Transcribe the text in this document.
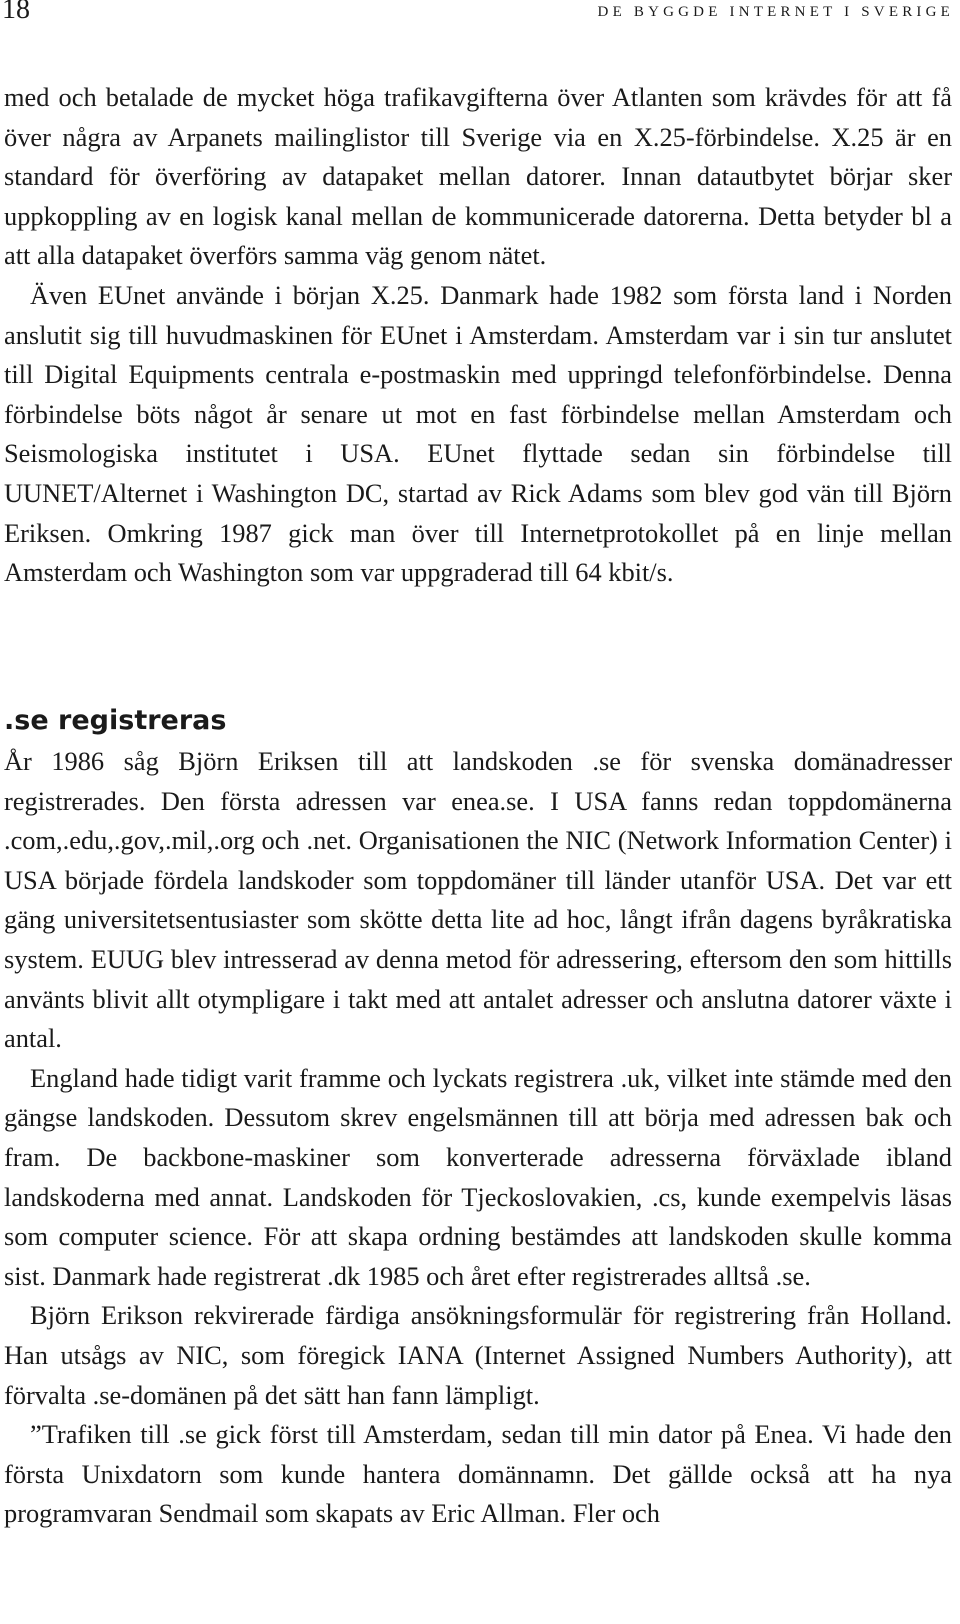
18	DE BYGGDE INTERNET I SVERIGE

med och betalade de mycket höga trafikavgifterna över Atlanten som krävdes för att få över några av Arpanets mailinglistor till Sverige via en X.25-förbindelse. X.25 är en standard för överföring av datapaket mellan datorer. Innan datautbytet börjar sker uppkoppling av en logisk kanal mellan de kommunicerade datorerna. Detta betyder bl a att alla datapaket överförs samma väg genom nätet.

Även EUnet använde i början X.25. Danmark hade 1982 som första land i Norden anslutit sig till huvudmaskinen för EUnet i Amsterdam. Amsterdam var i sin tur anslutet till Digital Equipments centrala e-postmaskin med uppringd telefonförbindelse. Denna förbindelse böts något år senare ut mot en fast förbindelse mellan Amsterdam och Seismologiska institutet i USA. EUnet flyttade sedan sin förbindelse till UUNET/Alternet i Washington DC, startad av Rick Adams som blev god vän till Björn Eriksen. Omkring 1987 gick man över till Internetprotokollet på en linje mellan Amsterdam och Washington som var uppgraderad till 64 kbit/s.

.se registreras

År 1986 såg Björn Eriksen till att landskoden .se för svenska domänadresser registrerades. Den första adressen var enea.se. I USA fanns redan toppdomänerna .com,.edu,.gov,.mil,.org och .net. Organisationen the NIC (Network Information Center) i USA började fördela landskoder som toppdomäner till länder utanför USA. Det var ett gäng universitetsentusiaster som skötte detta lite ad hoc, långt ifrån dagens byråkratiska system. EUUG blev intresserad av denna metod för adressering, eftersom den som hittills använts blivit allt otympligare i takt med att antalet adresser och anslutna datorer växte i antal.

England hade tidigt varit framme och lyckats registrera .uk, vilket inte stämde med den gängse landskoden. Dessutom skrev engelsmännen till att börja med adressen bak och fram. De backbone-maskiner som konverterade adresserna förväxlade ibland landskoderna med annat. Landskoden för Tjeckoslovakien, .cs, kunde exempelvis läsas som computer science. För att skapa ordning bestämdes att landskoden skulle komma sist. Danmark hade registrerat .dk 1985 och året efter registrerades alltså .se.

Björn Erikson rekvirerade färdiga ansökningsformulär för registrering från Holland. Han utsågs av NIC, som föregick IANA (Internet Assigned Numbers Authority), att förvalta .se-domänen på det sätt han fann lämpligt.

”Trafiken till .se gick först till Amsterdam, sedan till min dator på Enea. Vi hade den första Unixdatorn som kunde hantera domännamn. Det gällde också att ha nya programvaran Sendmail som skapats av Eric Allman. Fler och
